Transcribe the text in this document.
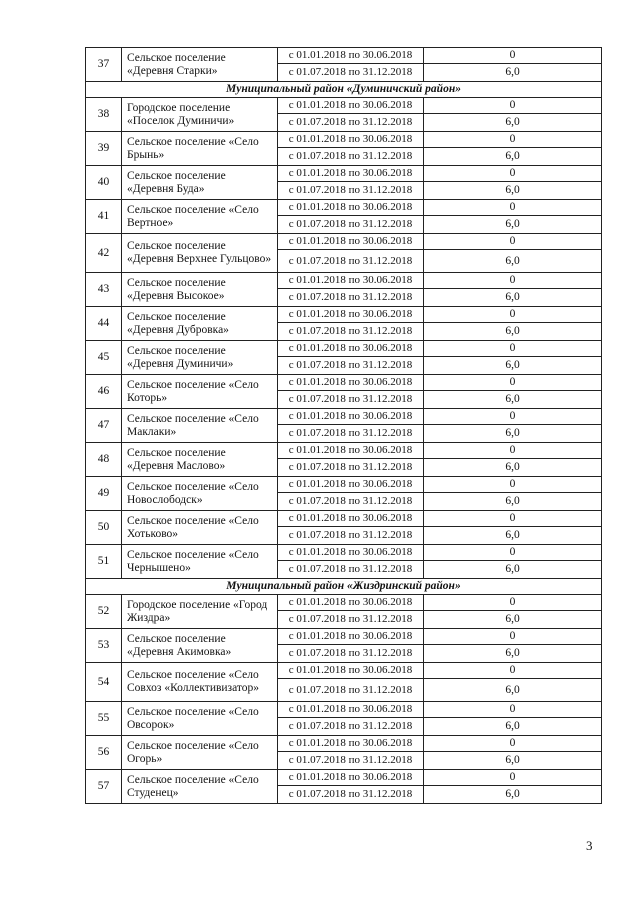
37	Сельское поселение «Деревня Старки»	с 01.01.2018 по 30.06.2018	0
		с 01.07.2018 по 31.12.2018	6,0
Муниципальный район «Думиничский район»			
38	Городское поселение «Поселок Думиничи»	с 01.01.2018 по 30.06.2018	0
		с 01.07.2018 по 31.12.2018	6,0
39	Сельское поселение «Село Брынь»	с 01.01.2018 по 30.06.2018	0
		с 01.07.2018 по 31.12.2018	6,0
40	Сельское поселение «Деревня Буда»	с 01.01.2018 по 30.06.2018	0
		с 01.07.2018 по 31.12.2018	6,0
41	Сельское поселение «Село Вертное»	с 01.01.2018 по 30.06.2018	0
		с 01.07.2018 по 31.12.2018	6,0
42	Сельское поселение «Деревня Верхнее Гульцово»	с 01.01.2018 по 30.06.2018	0
		с 01.07.2018 по 31.12.2018	6,0
43	Сельское поселение «Деревня Высокое»	с 01.01.2018 по 30.06.2018	0
		с 01.07.2018 по 31.12.2018	6,0
44	Сельское поселение «Деревня Дубровка»	с 01.01.2018 по 30.06.2018	0
		с 01.07.2018 по 31.12.2018	6,0
45	Сельское поселение «Деревня Думиничи»	с 01.01.2018 по 30.06.2018	0
		с 01.07.2018 по 31.12.2018	6,0
46	Сельское поселение «Село Которь»	с 01.01.2018 по 30.06.2018	0
		с 01.07.2018 по 31.12.2018	6,0
47	Сельское поселение «Село Маклаки»	с 01.01.2018 по 30.06.2018	0
		с 01.07.2018 по 31.12.2018	6,0
48	Сельское поселение «Деревня Маслово»	с 01.01.2018 по 30.06.2018	0
		с 01.07.2018 по 31.12.2018	6,0
49	Сельское поселение «Село Новослободск»	с 01.01.2018 по 30.06.2018	0
		с 01.07.2018 по 31.12.2018	6,0
50	Сельское поселение «Село Хотьково»	с 01.01.2018 по 30.06.2018	0
		с 01.07.2018 по 31.12.2018	6,0
51	Сельское поселение «Село Чернышено»	с 01.01.2018 по 30.06.2018	0
		с 01.07.2018 по 31.12.2018	6,0
Муниципальный район «Жиздринский район»			
52	Городское поселение «Город Жиздра»	с 01.01.2018 по 30.06.2018	0
		с 01.07.2018 по 31.12.2018	6,0
53	Сельское поселение «Деревня Акимовка»	с 01.01.2018 по 30.06.2018	0
		с 01.07.2018 по 31.12.2018	6,0
54	Сельское поселение «Село Совхоз «Коллективизатор»	с 01.01.2018 по 30.06.2018	0
		с 01.07.2018 по 31.12.2018	6,0
55	Сельское поселение «Село Овсорок»	с 01.01.2018 по 30.06.2018	0
		с 01.07.2018 по 31.12.2018	6,0
56	Сельское поселение «Село Огорь»	с 01.01.2018 по 30.06.2018	0
		с 01.07.2018 по 31.12.2018	6,0
57	Сельское поселение «Село Студенец»	с 01.01.2018 по 30.06.2018	0
		с 01.07.2018 по 31.12.2018	6,0
3
